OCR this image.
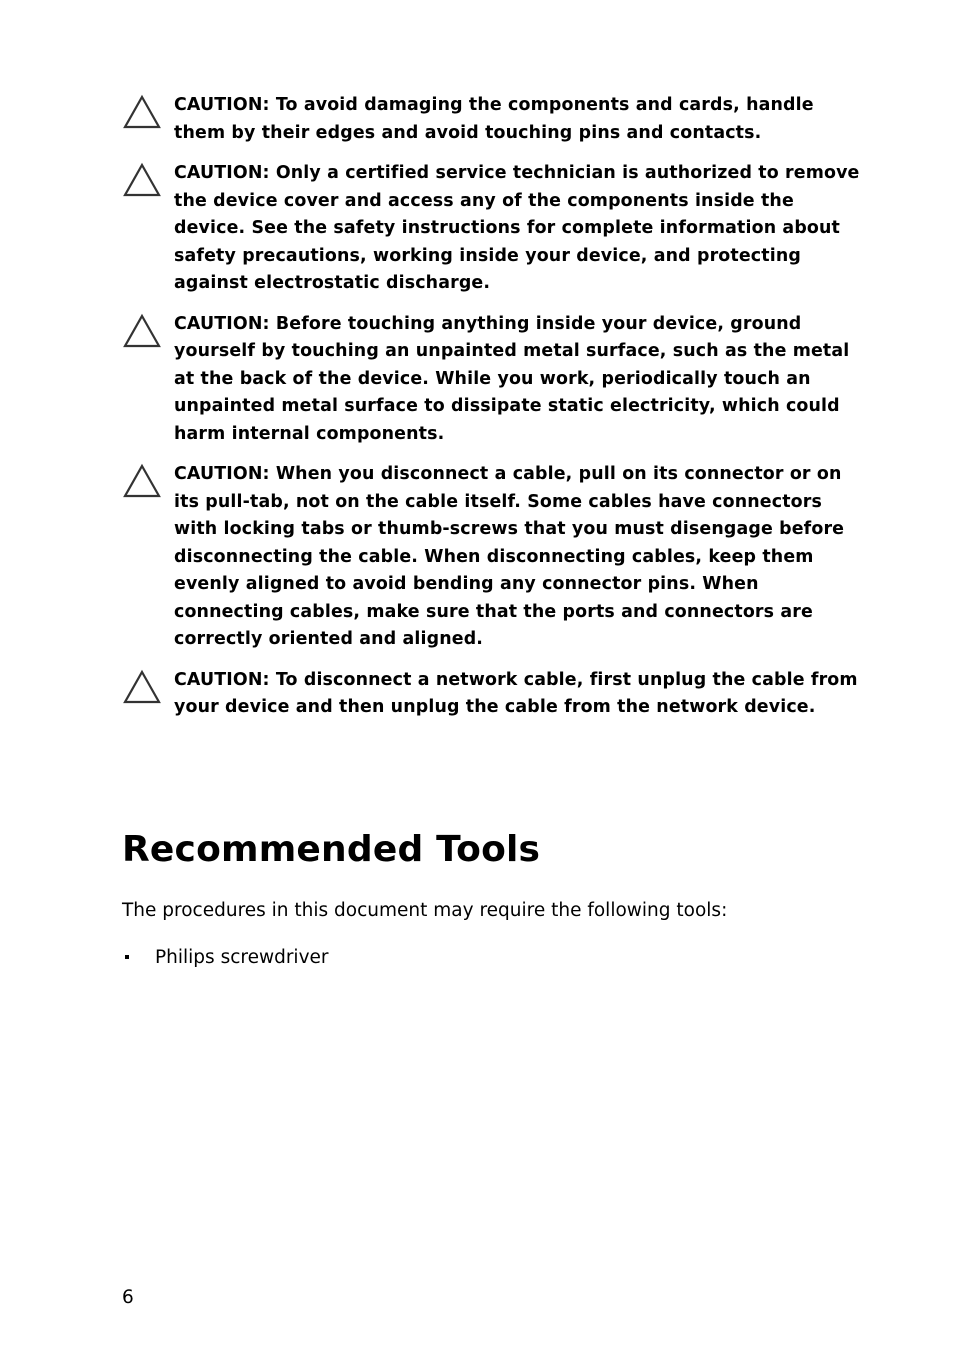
CAUTION: To avoid damaging the components and cards, handle them by their edges and avoid touching pins and contacts.
CAUTION: Only a certified service technician is authorized to remove the device cover and access any of the components inside the device. See the safety instructions for complete information about safety precautions, working inside your device, and protecting against electrostatic discharge.
CAUTION: Before touching anything inside your device, ground yourself by touching an unpainted metal surface, such as the metal at the back of the device. While you work, periodically touch an unpainted metal surface to dissipate static electricity, which could harm internal components.
CAUTION: When you disconnect a cable, pull on its connector or on its pull-tab, not on the cable itself. Some cables have connectors with locking tabs or thumb-screws that you must disengage before disconnecting the cable. When disconnecting cables, keep them evenly aligned to avoid bending any connector pins. When connecting cables, make sure that the ports and connectors are correctly oriented and aligned.
CAUTION: To disconnect a network cable, first unplug the cable from your device and then unplug the cable from the network device.
Recommended Tools

The procedures in this document may require the following tools:

Philips screwdriver
6
